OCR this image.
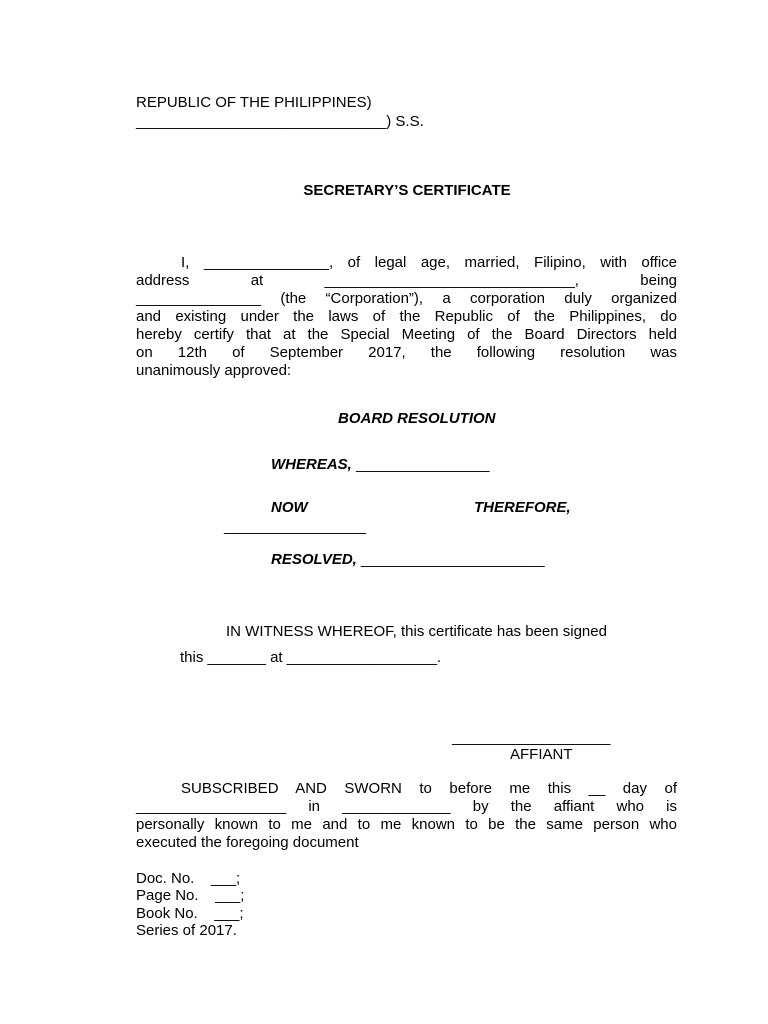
REPUBLIC OF THE PHILIPPINES)
______________________________) S.S.
SECRETARY’S CERTIFICATE
I, _______________, of legal age, married, Filipino, with office
address at ______________________________, being
_______________ (the “Corporation”), a corporation duly organized
and existing under the laws of the Republic of the Philippines, do
hereby certify that at the Special Meeting of the Board Directors held
on 12th of September 2017, the following resolution was
unanimously approved:
BOARD RESOLUTION
WHEREAS, ________________
NOW	THEREFORE,
_________________
RESOLVED, ______________________
IN WITNESS WHEREOF, this certificate has been signed
this _______ at __________________.
___________________
AFFIANT
SUBSCRIBED AND SWORN to before me this __ day of
__________________ in _____________ by the affiant who is
personally known to me and to me known to be the same person who
executed the foregoing document
Doc. No.    ___;
Page No.    ___;
Book No.    ___;
Series of 2017.
